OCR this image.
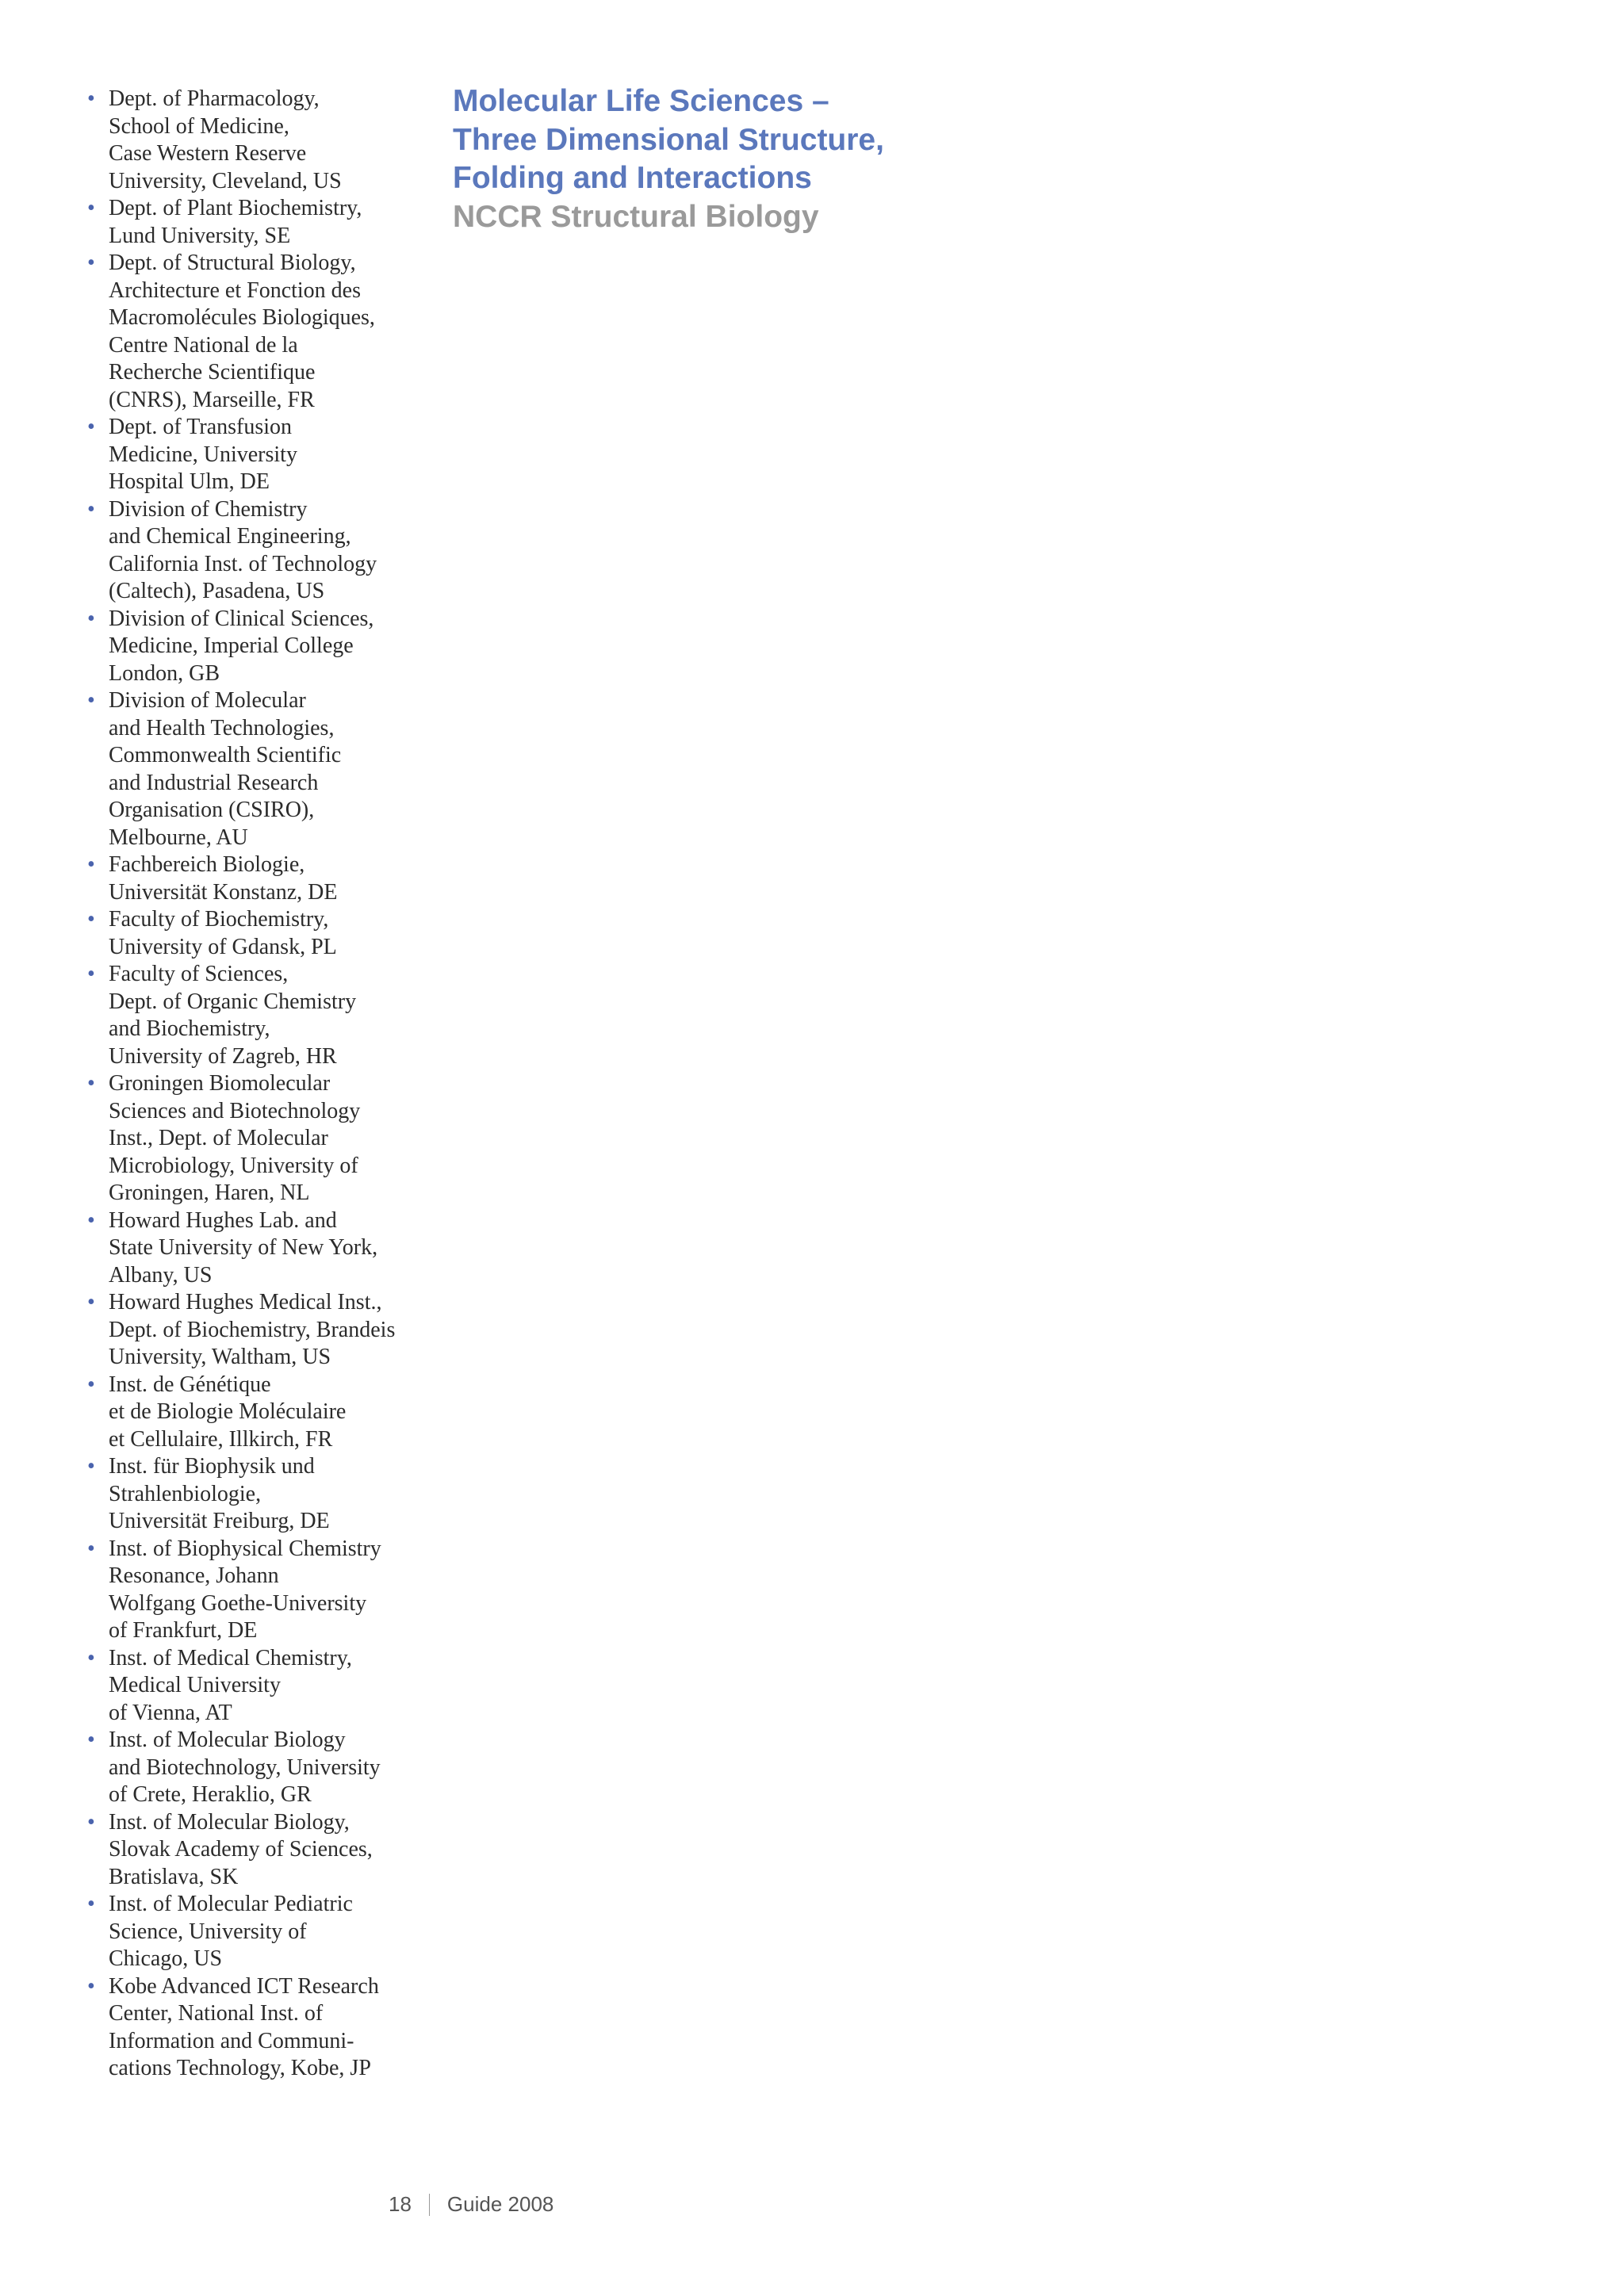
• Dept. of Pharmacology,
School of Medicine,
Case Western Reserve
University, Cleveland, US
• Dept. of Plant Biochemistry,
Lund University, SE
• Dept. of Structural Biology,
Architecture et Fonction des
Macromolécules Biologiques,
Centre National de la
Recherche Scientifique
(CNRS), Marseille, FR
• Dept. of Transfusion
Medicine, University
Hospital Ulm, DE
• Division of Chemistry
and Chemical Engineering,
California Inst. of Technology
(Caltech), Pasadena, US
• Division of Clinical Sciences,
Medicine, Imperial College
London, GB
• Division of Molecular
and Health Technologies,
Commonwealth Scientific
and Industrial Research
Organisation (CSIRO),
Melbourne, AU
• Fachbereich Biologie,
Universität Konstanz, DE
• Faculty of Biochemistry,
University of Gdansk, PL
• Faculty of Sciences,
Dept. of Organic Chemistry
and Biochemistry,
University of Zagreb, HR
• Groningen Biomolecular
Sciences and Biotechnology
Inst., Dept. of Molecular
Microbiology, University of
Groningen, Haren, NL
• Howard Hughes Lab. and
State University of New York,
Albany, US
• Howard Hughes Medical Inst.,
Dept. of Biochemistry, Brandeis
University, Waltham, US
• Inst. de Génétique
et de Biologie Moléculaire
et Cellulaire, Illkirch, FR
• Inst. für Biophysik und
Strahlenbiologie,
Universität Freiburg, DE
• Inst. of Biophysical Chemistry
Resonance, Johann
Wolfgang Goethe-University
of Frankfurt, DE
• Inst. of Medical Chemistry,
Medical University
of Vienna, AT
• Inst. of Molecular Biology
and Biotechnology, University
of Crete, Heraklio, GR
• Inst. of Molecular Biology,
Slovak Academy of Sciences,
Bratislava, SK
• Inst. of Molecular Pediatric
Science, University of
Chicago, US
• Kobe Advanced ICT Research
Center, National Inst. of
Information and Communi-
cations Technology, Kobe, JP
Molecular Life Sciences –
Three Dimensional Structure,
Folding and Interactions
NCCR Structural Biology
18 Guide 2008
